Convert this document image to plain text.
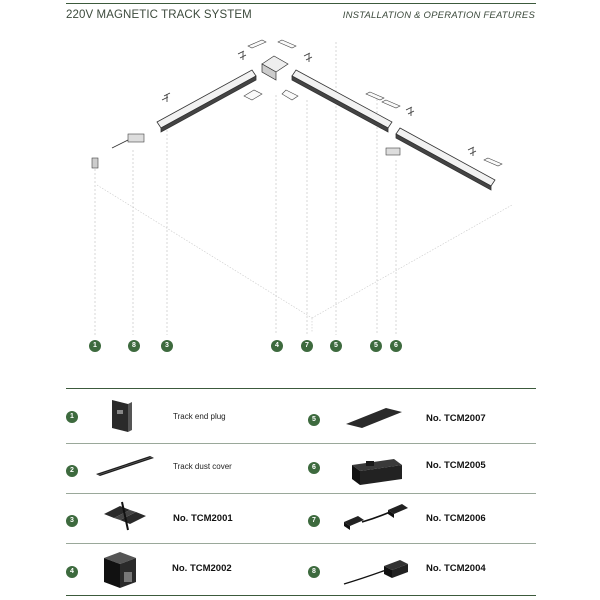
220V MAGNETIC TRACK SYSTEM	INSTALLATION & OPERATION FEATURES
1	8	3	4	7	5	5	6
1	Track end plug	5	No. TCM2007
2	Track dust cover	6	No. TCM2005
3	No. TCM2001	7	No. TCM2006
4	No. TCM2002	8	No. TCM2004
